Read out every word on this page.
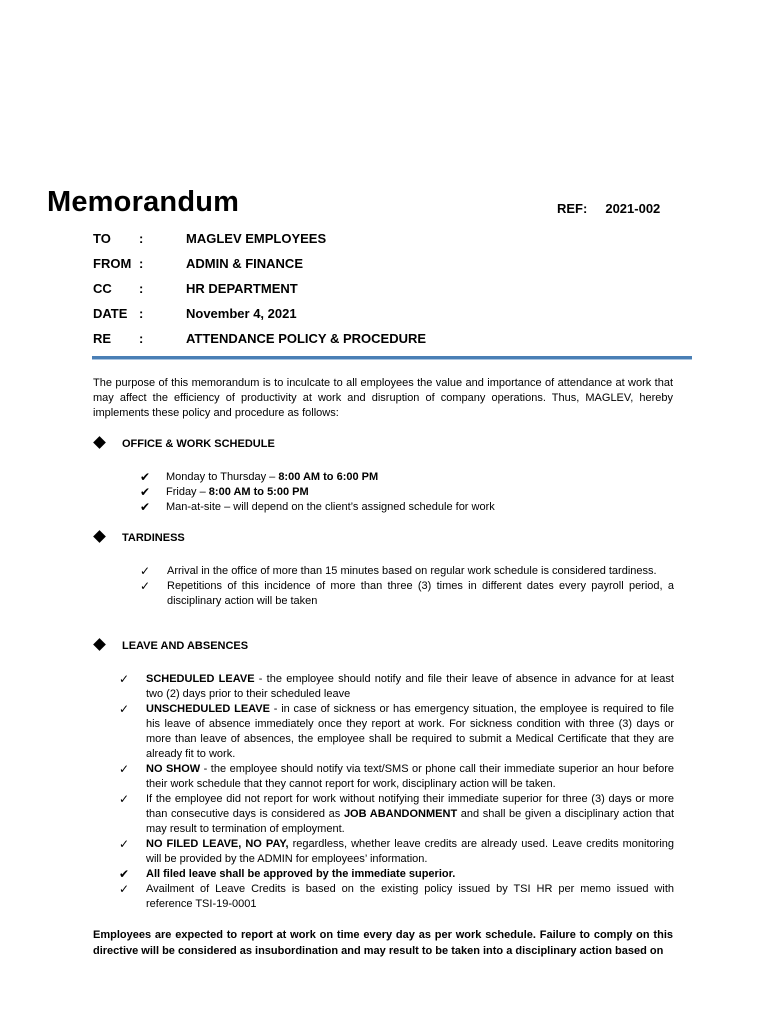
Memorandum	REF: 2021-002
TO :	MAGLEV EMPLOYEES
FROM :	ADMIN & FINANCE
CC :	HR DEPARTMENT
DATE :	November 4, 2021
RE :	ATTENDANCE POLICY & PROCEDURE
The purpose of this memorandum is to inculcate to all employees the value and importance of attendance at work that may affect the efficiency of productivity at work and disruption of company operations. Thus, MAGLEV, hereby implements these policy and procedure as follows:
OFFICE & WORK SCHEDULE
✔ Monday to Thursday – 8:00 AM to 6:00 PM
✔ Friday – 8:00 AM to 5:00 PM
✔ Man-at-site – will depend on the client’s assigned schedule for work
TARDINESS
✓ Arrival in the office of more than 15 minutes based on regular work schedule is considered tardiness.
✓ Repetitions of this incidence of more than three (3) times in different dates every payroll period, a disciplinary action will be taken
LEAVE AND ABSENCES
✓ SCHEDULED LEAVE - the employee should notify and file their leave of absence in advance for at least two (2) days prior to their scheduled leave
✓ UNSCHEDULED LEAVE - in case of sickness or has emergency situation, the employee is required to file his leave of absence immediately once they report at work. For sickness condition with three (3) days or more than leave of absences, the employee shall be required to submit a Medical Certificate that they are already fit to work.
✓ NO SHOW - the employee should notify via text/SMS or phone call their immediate superior an hour before their work schedule that they cannot report for work, disciplinary action will be taken.
✓ If the employee did not report for work without notifying their immediate superior for three (3) days or more than consecutive days is considered as JOB ABANDONMENT and shall be given a disciplinary action that may result to termination of employment.
✓ NO FILED LEAVE, NO PAY, regardless, whether leave credits are already used. Leave credits monitoring will be provided by the ADMIN for employees’ information.
✔ All filed leave shall be approved by the immediate superior.
✓ Availment of Leave Credits is based on the existing policy issued by TSI HR per memo issued with reference TSI-19-0001
Employees are expected to report at work on time every day as per work schedule. Failure to comply on this directive will be considered as insubordination and may result to be taken into a disciplinary action based on
